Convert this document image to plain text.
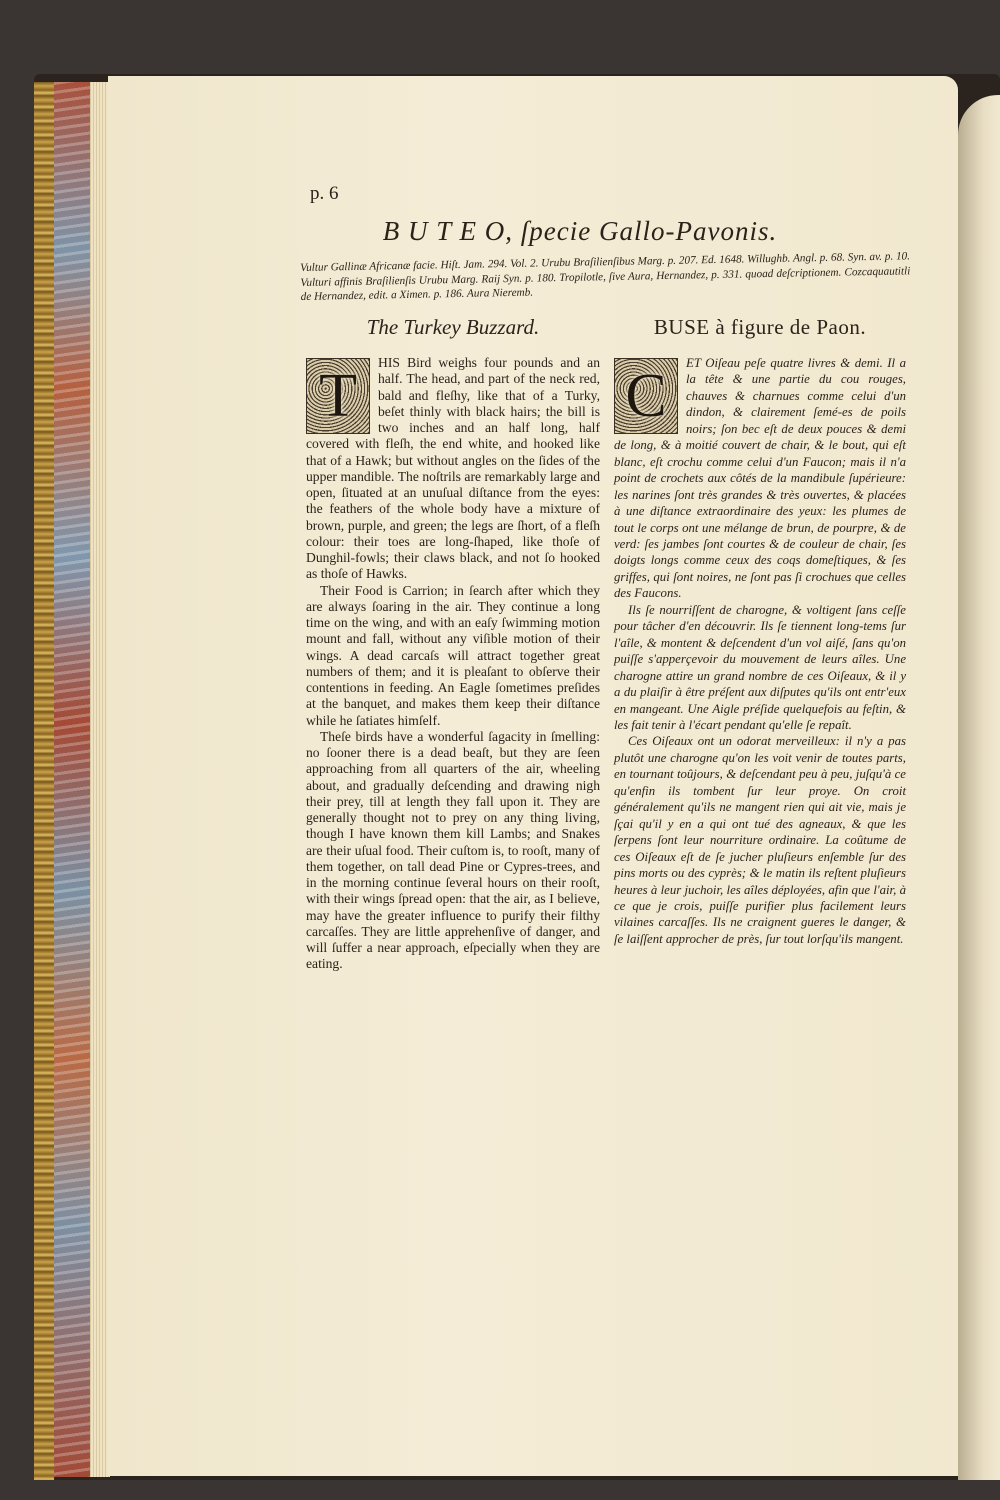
p. 6
B U T E O, ſpecie Gallo-Pavonis.
Vultur Gallinæ Africanæ facie. Hiſt. Jam. 294. Vol. 2. Urubu Braſilienſibus Marg. p. 207. Ed. 1648. Willughb. Angl. p. 68. Syn. av. p. 10. Vulturi affinis Braſilienſis Urubu Marg. Raij Syn. p. 180. Tropilotle, ſive Aura, Hernandez, p. 331. quoad deſcriptionem. Cozcaquautitli de Hernandez, edit. a Ximen. p. 186. Aura Nieremb.
The Turkey Buzzard.
T	HIS Bird weighs four pounds and an half. The head, and part of the neck red, bald and fleſhy, like that of a Turky, beſet thinly with black hairs; the bill is two inches and an half long, half covered with fleſh, the end white, and hooked like that of a Hawk; but without angles on the ſides of the upper mandible. The noſtrils are remarkably large and open, ſituated at an unuſual diſtance from the eyes: the feathers of the whole body have a mixture of brown, purple, and green; the legs are ſhort, of a fleſh colour: their toes are long-ſhaped, like thoſe of Dunghil-fowls; their claws black, and not ſo hooked as thoſe of Hawks.

Their Food is Carrion; in ſearch after which they are always ſoaring in the air. They continue a long time on the wing, and with an eaſy ſwimming motion mount and fall, without any viſible motion of their wings. A dead carcaſs will attract together great numbers of them; and it is pleaſant to obſerve their contentions in feeding. An Eagle ſometimes preſides at the banquet, and makes them keep their diſtance while he ſatiates himſelf.

Theſe birds have a wonderful ſagacity in ſmelling: no ſooner there is a dead beaſt, but they are ſeen approaching from all quarters of the air, wheeling about, and gradually deſcending and drawing nigh their prey, till at length they fall upon it. They are generally thought not to prey on any thing living, though I have known them kill Lambs; and Snakes are their uſual food. Their cuſtom is, to rooſt, many of them together, on tall dead Pine or Cypres-trees, and in the morning continue ſeveral hours on their rooſt, with their wings ſpread open: that the air, as I believe, may have the greater influence to purify their filthy carcaſſes. They are little apprehenſive of danger, and will ſuffer a near approach, eſpecially when they are eating.

BUSE à figure de Paon.
C	ET Oiſeau peſe quatre livres & demi. Il a la tête & une partie du cou rouges, chauves & charnues comme celui d'un dindon, & clairement ſemé-es de poils noirs; ſon bec eſt de deux pouces & demi de long, & à moitié couvert de chair, & le bout, qui eſt blanc, eſt crochu comme celui d'un Faucon; mais il n'a point de crochets aux côtés de la mandibule ſupérieure: les narines ſont très grandes & très ouvertes, & placées à une diſtance extraordinaire des yeux: les plumes de tout le corps ont une mélange de brun, de pourpre, & de verd: ſes jambes ſont courtes & de couleur de chair, ſes doigts longs comme ceux des coqs domeſtiques, & ſes griffes, qui ſont noires, ne ſont pas ſi crochues que celles des Faucons.

Ils ſe nourriſſent de charogne, & voltigent ſans ceſſe pour tâcher d'en découvrir. Ils ſe tiennent long-tems ſur l'aîle, & montent & deſcendent d'un vol aiſé, ſans qu'on puiſſe s'apperçevoir du mouvement de leurs aîles. Une charogne attire un grand nombre de ces Oiſeaux, & il y a du plaiſir à être préſent aux diſputes qu'ils ont entr'eux en mangeant. Une Aigle préſide quelquefois au feſtin, & les fait tenir à l'écart pendant qu'elle ſe repaît.

Ces Oiſeaux ont un odorat merveilleux: il n'y a pas plutôt une charogne qu'on les voit venir de toutes parts, en tournant toûjours, & deſcendant peu à peu, juſqu'à ce qu'enfin ils tombent ſur leur proye. On croit généralement qu'ils ne mangent rien qui ait vie, mais je ſçai qu'il y en a qui ont tué des agneaux, & que les ſerpens ſont leur nourriture ordinaire. La coûtume de ces Oiſeaux eſt de ſe jucher pluſieurs enſemble ſur des pins morts ou des cyprès; & le matin ils reſtent pluſieurs heures à leur juchoir, les aîles déployées, afin que l'air, à ce que je crois, puiſſe purifier plus facilement leurs vilaines carcaſſes. Ils ne craignent gueres le danger, & ſe laiſſent approcher de près, ſur tout lorſqu'ils mangent.
